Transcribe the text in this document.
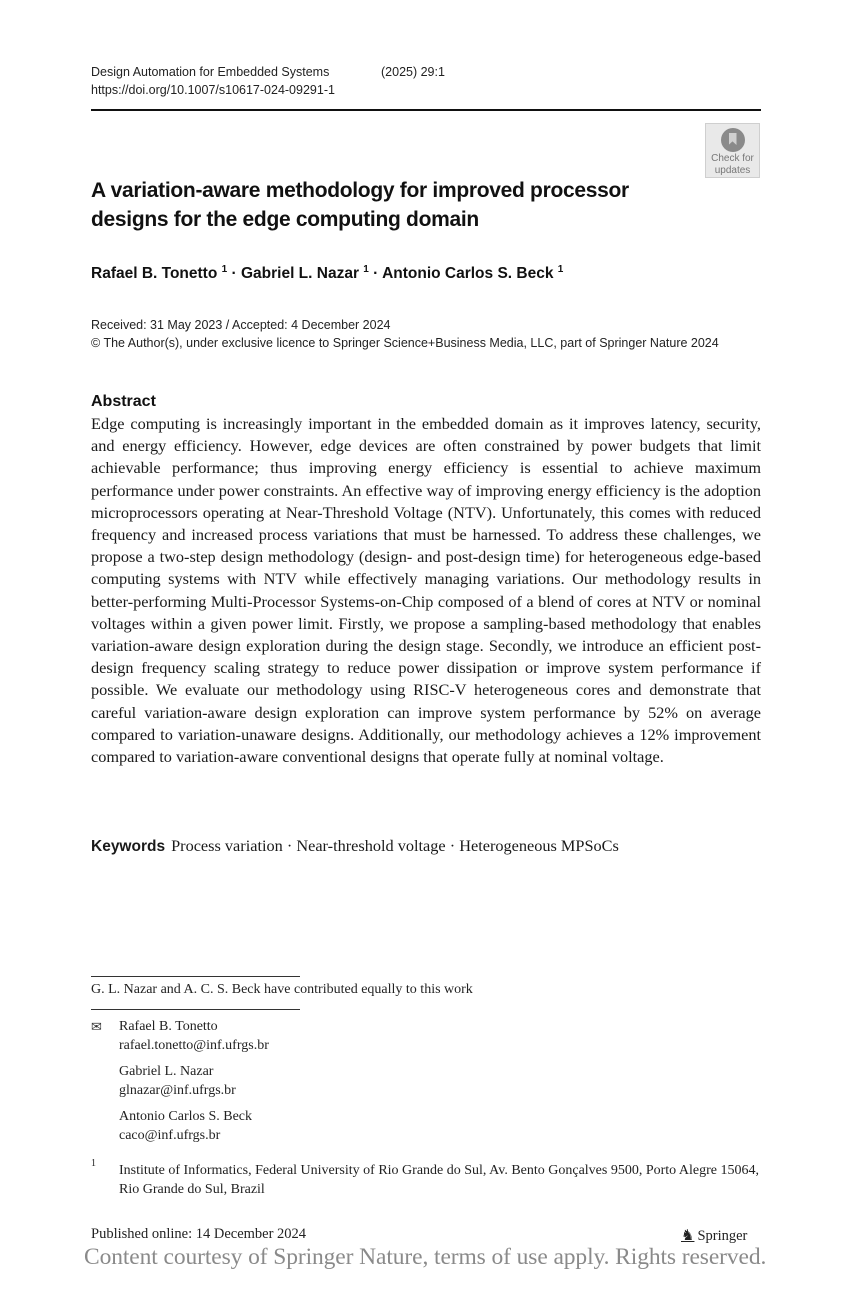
Design Automation for Embedded Systems	(2025) 29:1
https://doi.org/10.1007/s10617-024-09291-1
Check for
updates
A variation-aware methodology for improved processor designs for the edge computing domain
Rafael B. Tonetto $^1$ · Gabriel L. Nazar $^1$ · Antonio Carlos S. Beck $^1$
Received: 31 May 2023 / Accepted: 4 December 2024
© The Author(s), under exclusive licence to Springer Science+Business Media, LLC, part of Springer Nature 2024
Abstract
Edge computing is increasingly important in the embedded domain as it improves latency, security, and energy efficiency. However, edge devices are often constrained by power budgets that limit achievable performance; thus improving energy efficiency is essential to achieve maximum performance under power constraints. An effective way of improving energy efficiency is the adoption microprocessors operating at Near-Threshold Voltage (NTV). Unfortunately, this comes with reduced frequency and increased process variations that must be harnessed. To address these challenges, we propose a two-step design methodology (design- and post-design time) for heterogeneous edge-based computing systems with NTV while effectively managing variations. Our methodology results in better-performing Multi-Processor Systems-on-Chip composed of a blend of cores at NTV or nominal voltages within a given power limit. Firstly, we propose a sampling-based methodology that enables variation-aware design exploration during the design stage. Secondly, we introduce an efficient post-design frequency scaling strategy to reduce power dissipation or improve system performance if possible. We evaluate our methodology using RISC-V heterogeneous cores and demonstrate that careful variation-aware design exploration can improve system performance by 52% on average compared to variation-unaware designs. Additionally, our methodology achieves a 12% improvement compared to variation-aware conventional designs that operate fully at nominal voltage.
Keywords Process variation · Near-threshold voltage · Heterogeneous MPSoCs
G. L. Nazar and A. C. S. Beck have contributed equally to this work
✉ Rafael B. Tonetto
rafael.tonetto@inf.ufrgs.br
Gabriel L. Nazar
glnazar@inf.ufrgs.br
Antonio Carlos S. Beck
caco@inf.ufrgs.br
1 Institute of Informatics, Federal University of Rio Grande do Sul, Av. Bento Gonçalves 9500, Porto Alegre 15064, Rio Grande do Sul, Brazil
Published online: 14 December 2024	♞ Springer
Content courtesy of Springer Nature, terms of use apply. Rights reserved.
